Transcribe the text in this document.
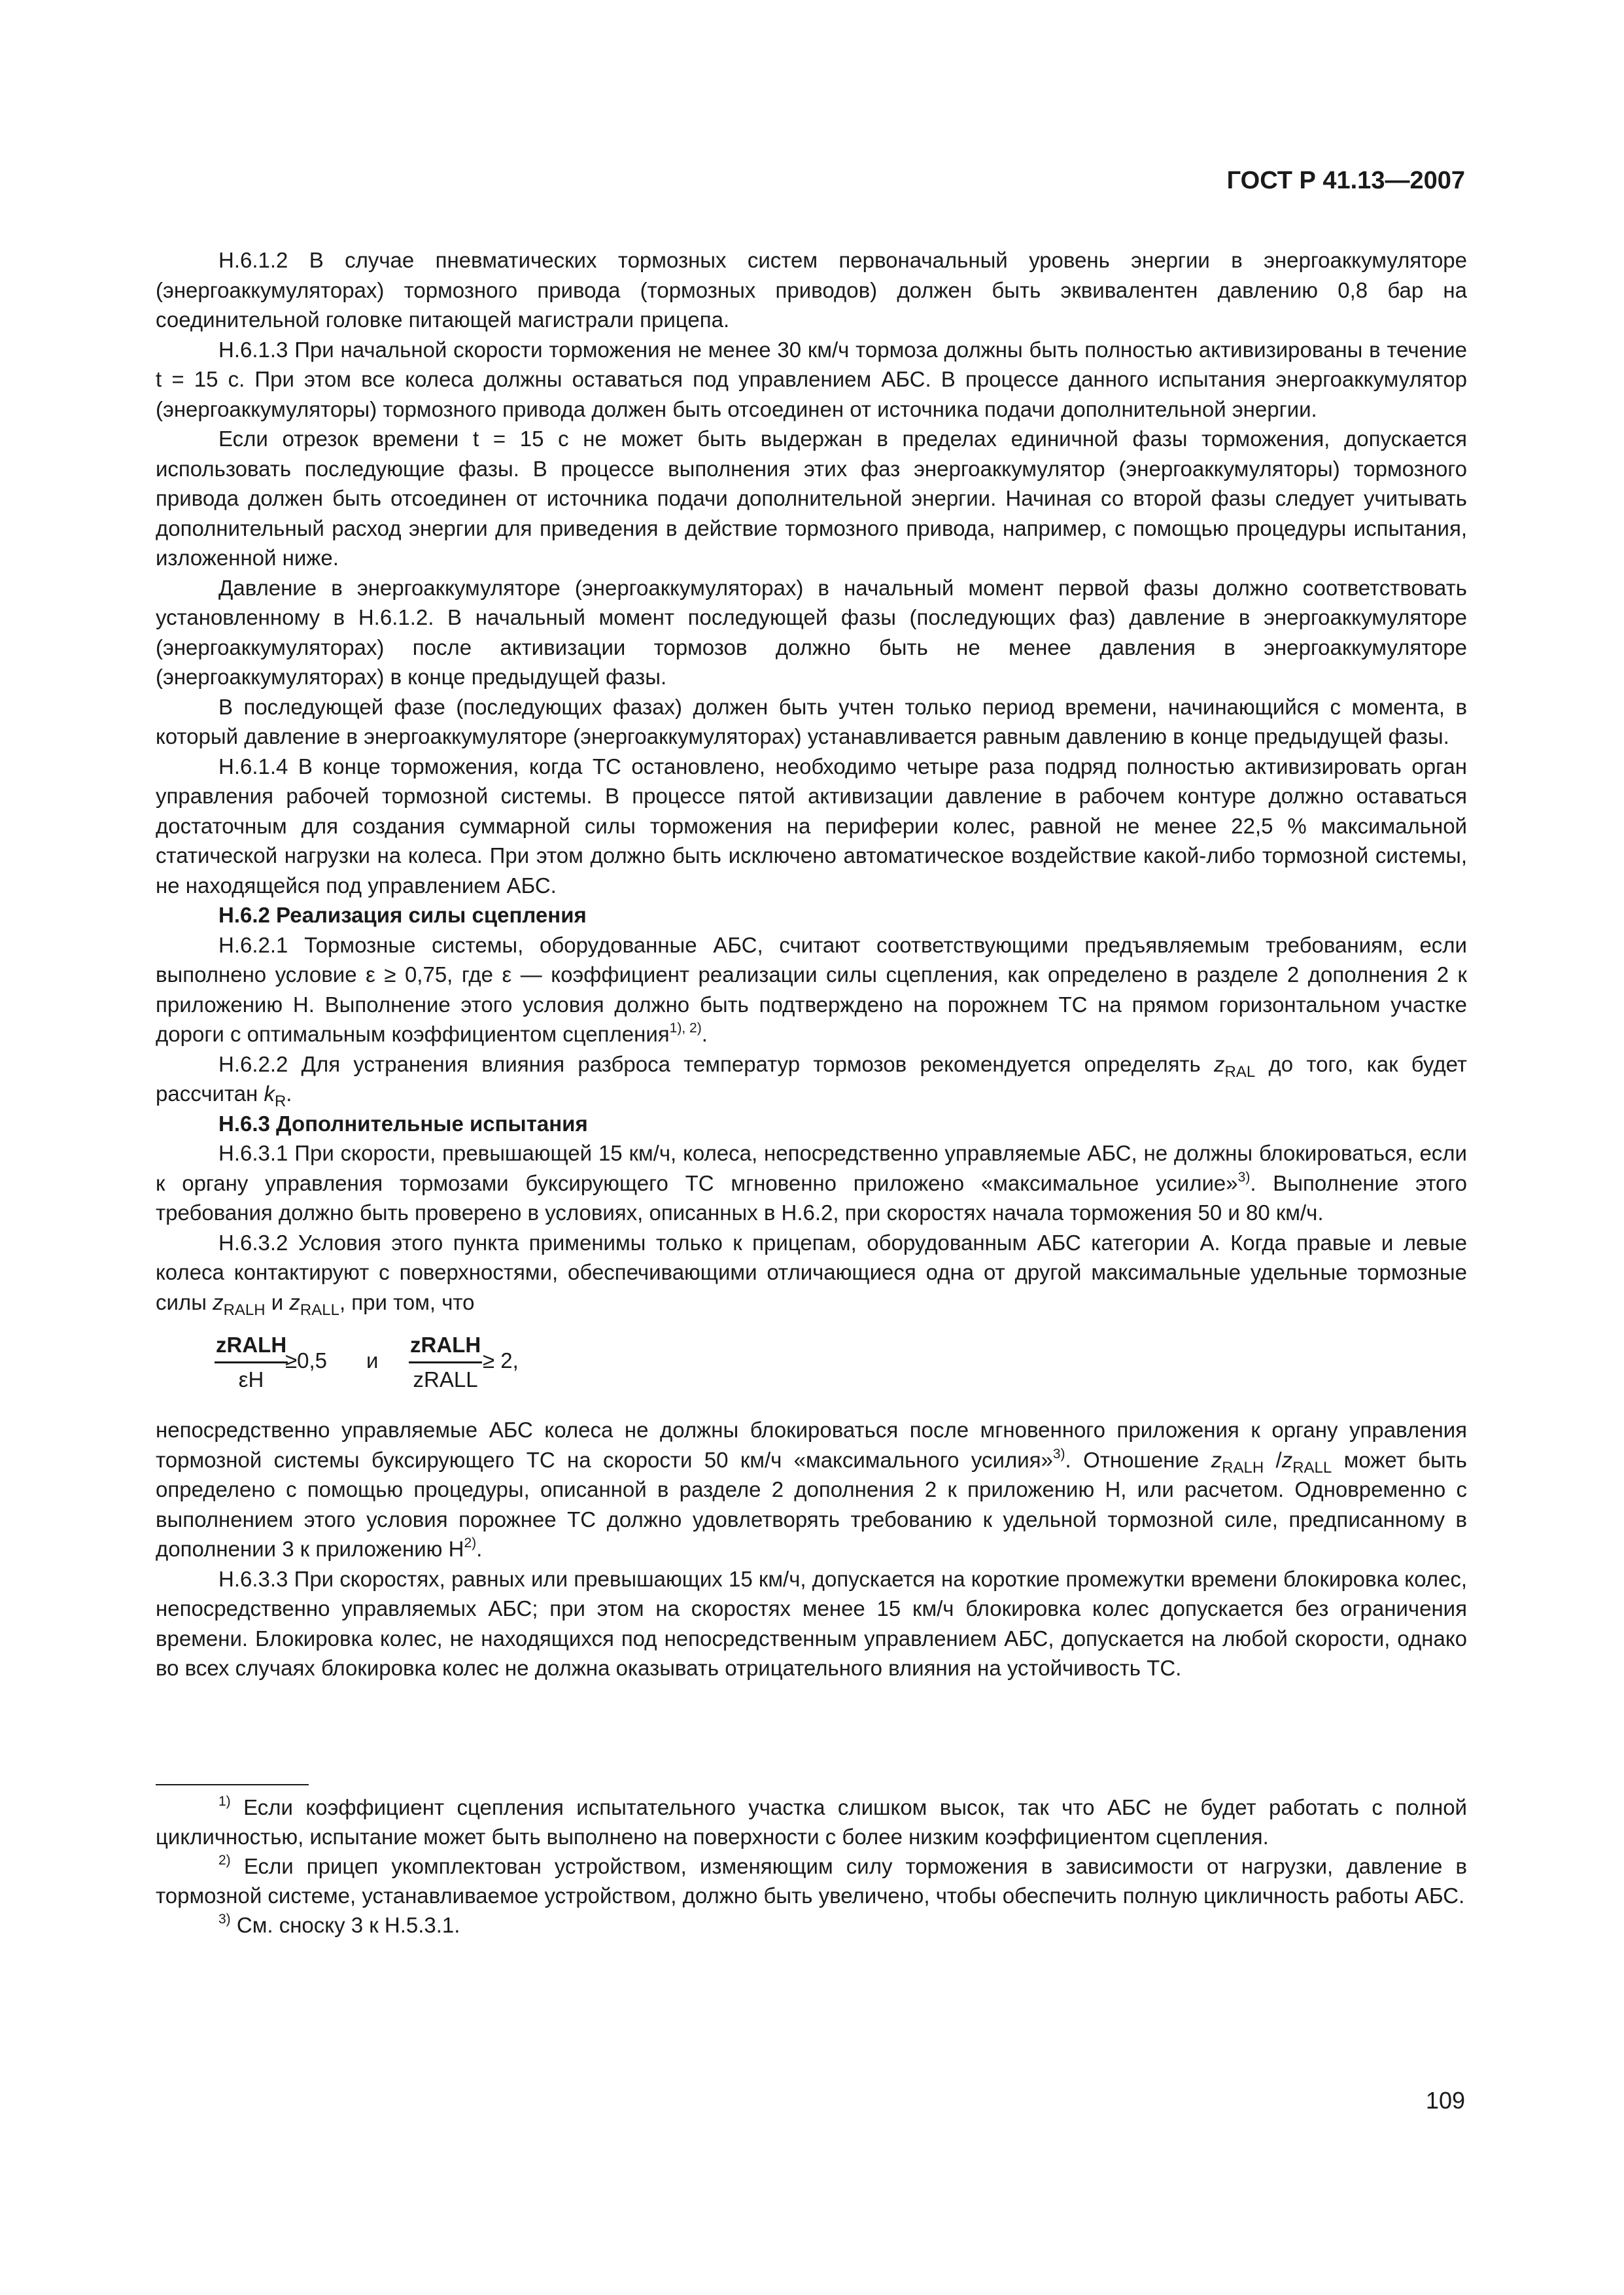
ГОСТ Р 41.13—2007

Н.6.1.2 В случае пневматических тормозных систем первоначальный уровень энергии в энергоаккумуляторе (энергоаккумуляторах) тормозного привода (тормозных приводов) должен быть эквивалентен давлению 0,8 бар на соединительной головке питающей магистрали прицепа.

Н.6.1.3 При начальной скорости торможения не менее 30 км/ч тормоза должны быть полностью активизированы в течение t = 15 с. При этом все колеса должны оставаться под управлением АБС. В процессе данного испытания энергоаккумулятор (энергоаккумуляторы) тормозного привода должен быть отсоединен от источника подачи дополнительной энергии.

Если отрезок времени t = 15 с не может быть выдержан в пределах единичной фазы торможения, допускается использовать последующие фазы. В процессе выполнения этих фаз энергоаккумулятор (энергоаккумуляторы) тормозного привода должен быть отсоединен от источника подачи дополнительной энергии. Начиная со второй фазы следует учитывать дополнительный расход энергии для приведения в действие тормозного привода, например, с помощью процедуры испытания, изложенной ниже.

Давление в энергоаккумуляторе (энергоаккумуляторах) в начальный момент первой фазы должно соответствовать установленному в Н.6.1.2. В начальный момент последующей фазы (последующих фаз) давление в энергоаккумуляторе (энергоаккумуляторах) после активизации тормозов должно быть не менее давления в энергоаккумуляторе (энергоаккумуляторах) в конце предыдущей фазы.

В последующей фазе (последующих фазах) должен быть учтен только период времени, начинающийся с момента, в который давление в энергоаккумуляторе (энергоаккумуляторах) устанавливается равным давлению в конце предыдущей фазы.

Н.6.1.4 В конце торможения, когда ТС остановлено, необходимо четыре раза подряд полностью активизировать орган управления рабочей тормозной системы. В процессе пятой активизации давление в рабочем контуре должно оставаться достаточным для создания суммарной силы торможения на периферии колес, равной не менее 22,5 % максимальной статической нагрузки на колеса. При этом должно быть исключено автоматическое воздействие какой-либо тормозной системы, не находящейся под управлением АБС.

Н.6.2 Реализация силы сцепления

Н.6.2.1 Тормозные системы, оборудованные АБС, считают соответствующими предъявляемым требованиям, если выполнено условие ε ≥ 0,75, где ε — коэффициент реализации силы сцепления, как определено в разделе 2 дополнения 2 к приложению Н. Выполнение этого условия должно быть подтверждено на порожнем ТС на прямом горизонтальном участке дороги с оптимальным коэффициентом сцепления$^{1), 2)}$.

Н.6.2.2 Для устранения влияния разброса температур тормозов рекомендуется определять $z_{RAL}$ до того, как будет рассчитан $k_R$.

Н.6.3 Дополнительные испытания

Н.6.3.1 При скорости, превышающей 15 км/ч, колеса, непосредственно управляемые АБС, не должны блокироваться, если к органу управления тормозами буксирующего ТС мгновенно приложено «максимальное усилие»$^{3)}$. Выполнение этого требования должно быть проверено в условиях, описанных в Н.6.2, при скоростях начала торможения 50 и 80 км/ч.

Н.6.3.2 Условия этого пункта применимы только к прицепам, оборудованным АБС категории А. Когда правые и левые колеса контактируют с поверхностями, обеспечивающими отличающиеся одна от другой максимальные удельные тормозные силы $z_{RALH}$ и $z_{RALL}$, при том, что

zRALH
εH
≥0,5 и
zRALH
zRALL
≥ 2,

непосредственно управляемые АБС колеса не должны блокироваться после мгновенного приложения к органу управления тормозной системы буксирующего ТС на скорости 50 км/ч «максимального усилия»$^{3)}$. Отношение $z_{RALH}$ $/z_{RALL}$ может быть определено с помощью процедуры, описанной в разделе 2 дополнения 2 к приложению Н, или расчетом. Одновременно с выполнением этого условия порожнее ТС должно удовлетворять требованию к удельной тормозной силе, предписанному в дополнении 3 к приложению Н$^{2)}$.

Н.6.3.3 При скоростях, равных или превышающих 15 км/ч, допускается на короткие промежутки времени блокировка колес, непосредственно управляемых АБС; при этом на скоростях менее 15 км/ч блокировка колес допускается без ограничения времени. Блокировка колес, не находящихся под непосредственным управлением АБС, допускается на любой скорости, однако во всех случаях блокировка колес не должна оказывать отрицательного влияния на устойчивость ТС.

$^{1)}$ Если коэффициент сцепления испытательного участка слишком высок, так что АБС не будет работать с полной цикличностью, испытание может быть выполнено на поверхности с более низким коэффициентом сцепления.

$^{2)}$ Если прицеп укомплектован устройством, изменяющим силу торможения в зависимости от нагрузки, давление в тормозной системе, устанавливаемое устройством, должно быть увеличено, чтобы обеспечить полную цикличность работы АБС.

$^{3)}$ См. сноску 3 к Н.5.3.1.

109
